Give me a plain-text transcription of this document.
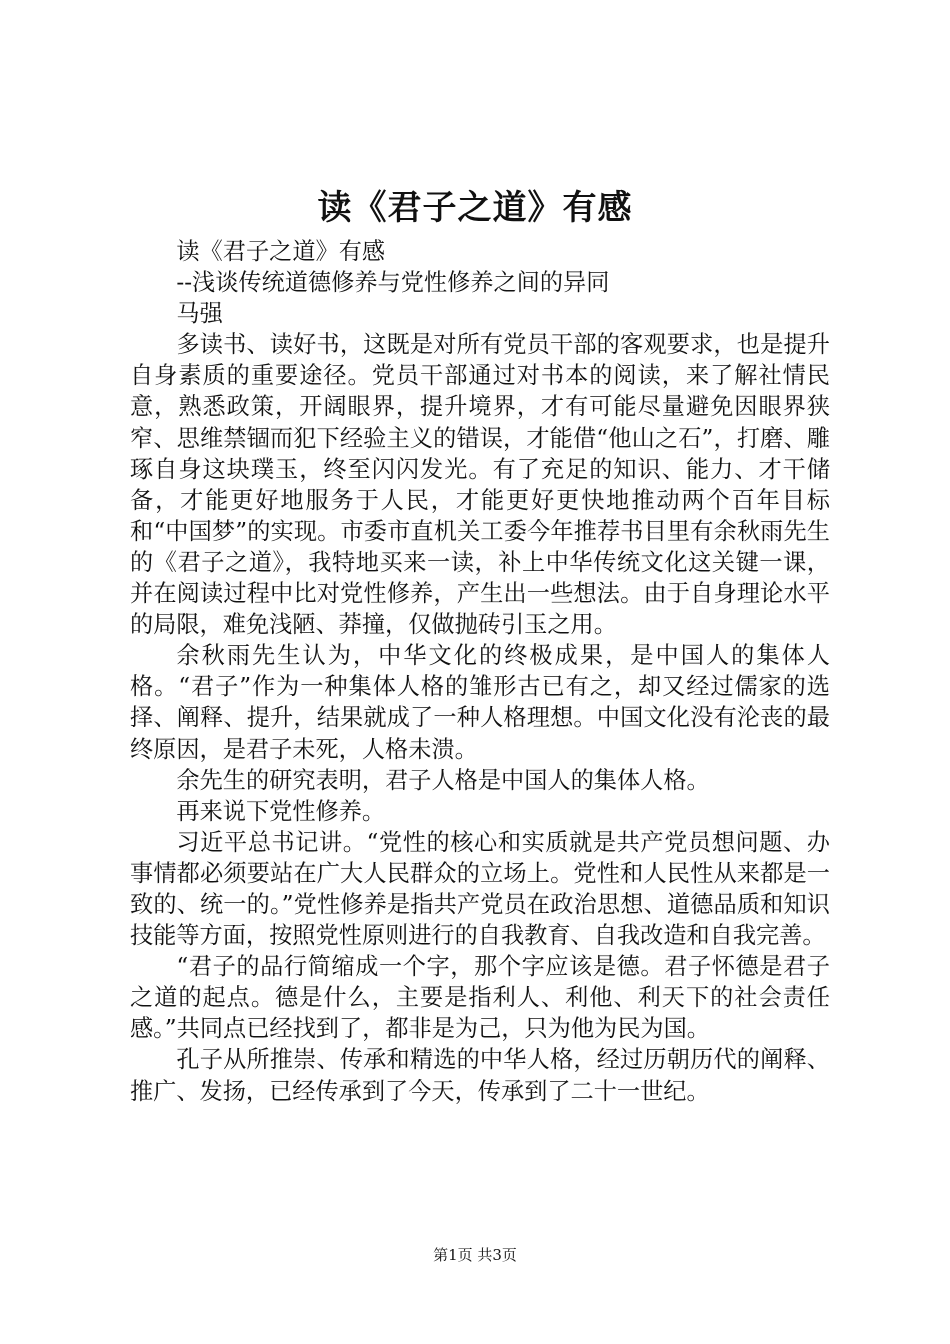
读《君子之道》有感

读《君子之道》有感

--浅谈传统道德修养与党性修养之间的异同

马强

多读书、读好书，这既是对所有党员干部的客观要求，也是提升自身素质的重要途径。党员干部通过对书本的阅读，来了解社情民意，熟悉政策，开阔眼界，提升境界，才有可能尽量避免因眼界狭窄、思维禁锢而犯下经验主义的错误，才能借“他山之石”，打磨、雕琢自身这块璞玉，终至闪闪发光。有了充足的知识、能力、才干储备，才能更好地服务于人民，才能更好更快地推动两个百年目标和“中国梦”的实现。市委市直机关工委今年推荐书目里有余秋雨先生的《君子之道》，我特地买来一读，补上中华传统文化这关键一课，并在阅读过程中比对党性修养，产生出一些想法。由于自身理论水平的局限，难免浅陋、莽撞，仅做抛砖引玉之用。

余秋雨先生认为，中华文化的终极成果，是中国人的集体人格。“君子”作为一种集体人格的雏形古已有之，却又经过儒家的选择、阐释、提升，结果就成了一种人格理想。中国文化没有沦丧的最终原因，是君子未死，人格未溃。

余先生的研究表明，君子人格是中国人的集体人格。

再来说下党性修养。

习近平总书记讲。“党性的核心和实质就是共产党员想问题、办事情都必须要站在广大人民群众的立场上。党性和人民性从来都是一致的、统一的。”党性修养是指共产党员在政治思想、道德品质和知识技能等方面，按照党性原则进行的自我教育、自我改造和自我完善。

“君子的品行简缩成一个字，那个字应该是德。君子怀德是君子之道的起点。德是什么，主要是指利人、利他、利天下的社会责任感。”共同点已经找到了，都非是为己，只为他为民为国。

孔子从所推崇、传承和精选的中华人格，经过历朝历代的阐释、推广、发扬，已经传承到了今天，传承到了二十一世纪。

第1页 共3页
